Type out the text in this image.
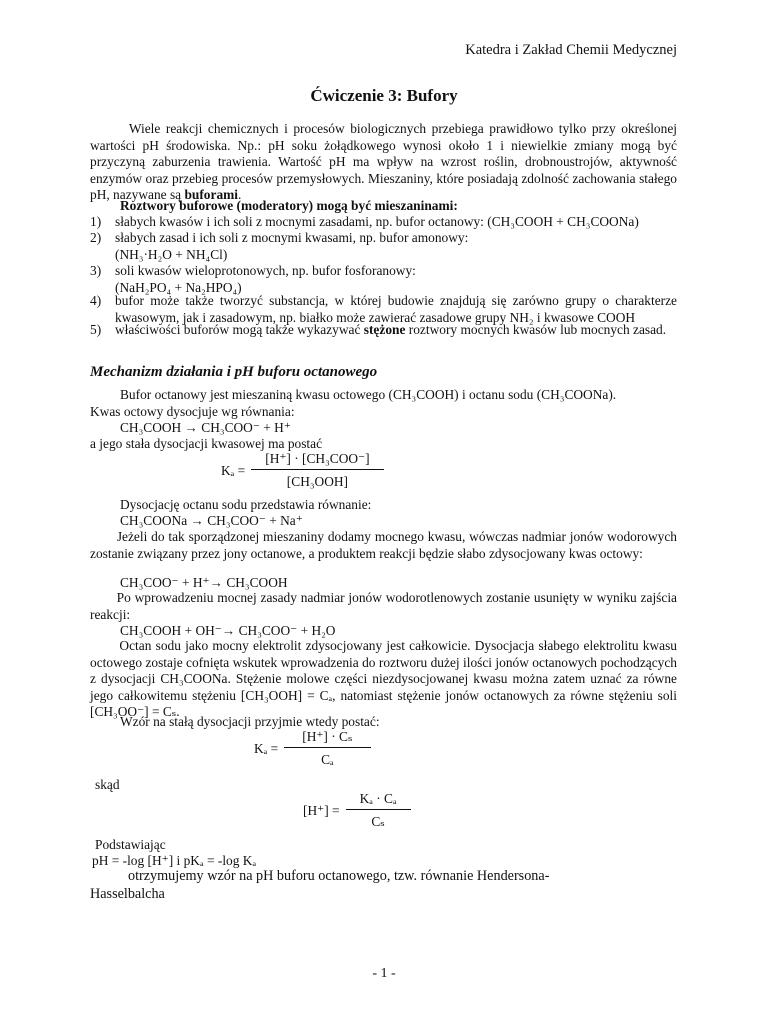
Katedra i Zakład Chemii Medycznej
Ćwiczenie 3: Bufory
Wiele reakcji chemicznych i procesów biologicznych przebiega prawidłowo tylko przy określonej wartości pH środowiska. Np.: pH soku żołądkowego wynosi około 1 i niewielkie zmiany mogą być przyczyną zaburzenia trawienia. Wartość pH ma wpływ na wzrost roślin, drobnoustrojów, aktywność enzymów oraz przebieg procesów przemysłowych. Mieszaniny, które posiadają zdolność zachowania stałego pH, nazywane są buforami.
Roztwory buforowe (moderatory) mogą być mieszaninami:
1) słabych kwasów i ich soli z mocnymi zasadami, np. bufor octanowy: (CH₃COOH + CH₃COONa)
2) słabych zasad i ich soli z mocnymi kwasami, np. bufor amonowy:
(NH₃·H₂O + NH₄Cl)
3) soli kwasów wieloprotonowych, np. bufor fosforanowy:
(NaH₂PO₄ + Na₂HPO₄)
4) bufor może także tworzyć substancja, w której budowie znajdują się zarówno grupy o charakterze kwasowym, jak i zasadowym, np. białko może zawierać zasadowe grupy NH₂ i kwasowe COOH
5) właściwości buforów mogą także wykazywać stężone roztwory mocnych kwasów lub mocnych zasad.
Mechanizm działania i pH buforu octanowego
Bufor octanowy jest mieszaniną kwasu octowego (CH₃COOH) i octanu sodu (CH₃COONa).
Kwas octowy dysocjuje wg równania:
CH₃COOH → CH₃COO⁻ + H⁺
a jego stała dysocjacji kwasowej ma postać
$K_a = \frac{\text{[H⁺] · [CH₃COO⁻]}}{\text{[CH₃OOH]}}$
Dysocjację octanu sodu przedstawia równanie:
CH₃COONa → CH₃COO⁻ + Na⁺
Jeżeli do tak sporządzonej mieszaniny dodamy mocnego kwasu, wówczas nadmiar jonów wodorowych zostanie związany przez jony octanowe, a produktem reakcji będzie słabo zdysocjowany kwas octowy:
CH₃COO⁻ + H⁺→ CH₃COOH
Po wprowadzeniu mocnej zasady nadmiar jonów wodorotlenowych zostanie usunięty w wyniku zajścia reakcji:
CH₃COOH + OH⁻→ CH₃COO⁻ + H₂O
Octan sodu jako mocny elektrolit zdysocjowany jest całkowicie. Dysocjacja słabego elektrolitu kwasu octowego zostaje cofnięta wskutek wprowadzenia do roztworu dużej ilości jonów octanowych pochodzących z dysocjacji CH₃COONa. Stężenie molowe części niezdysocjowanej kwasu można zatem uznać za równe jego całkowitemu stężeniu [CH₃OOH] = Cₐ, natomiast stężenie jonów octanowych za równe stężeniu soli [CH₃OO⁻] = Cₛ.
Wzór na stałą dysocjacji przyjmie wtedy postać:
$K_a = \frac{\text{[H⁺] · Cₛ}}{\text{Cₐ}}$
skąd
$[H^+] = \frac{\text{Kₐ · Cₐ}}{\text{Cₛ}}$
Podstawiając
pH = -log [H⁺] i pKₐ = -log Kₐ
otrzymujemy wzór na pH buforu octanowego, tzw. równanie Hendersona-
Hasselbalcha
- 1 -
